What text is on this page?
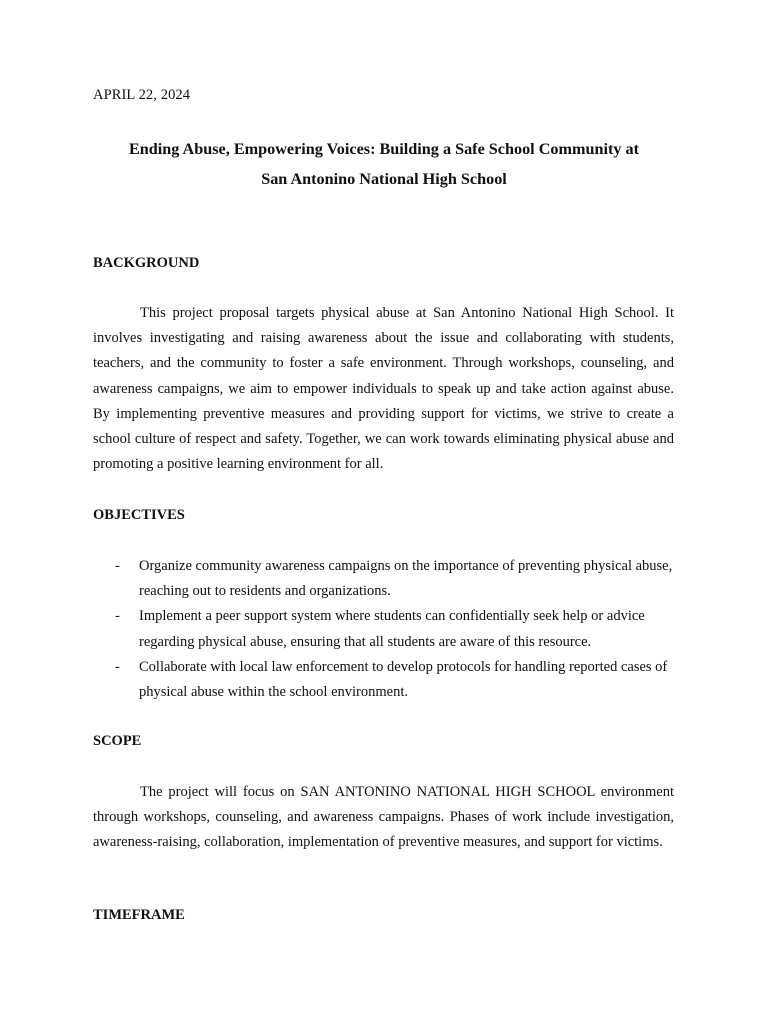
APRIL 22, 2024
Ending Abuse, Empowering Voices: Building a Safe School Community at
San Antonino National High School
BACKGROUND

This project proposal targets physical abuse at San Antonino National High School. It involves investigating and raising awareness about the issue and collaborating with students, teachers, and the community to foster a safe environment. Through workshops, counseling, and awareness campaigns, we aim to empower individuals to speak up and take action against abuse. By implementing preventive measures and providing support for victims, we strive to create a school culture of respect and safety. Together, we can work towards eliminating physical abuse and promoting a positive learning environment for all.

OBJECTIVES
- Organize community awareness campaigns on the importance of preventing physical abuse, reaching out to residents and organizations.
- Implement a peer support system where students can confidentially seek help or advice regarding physical abuse, ensuring that all students are aware of this resource.
- Collaborate with local law enforcement to develop protocols for handling reported cases of physical abuse within the school environment.
SCOPE

The project will focus on SAN ANTONINO NATIONAL HIGH SCHOOL environment through workshops, counseling, and awareness campaigns. Phases of work include investigation, awareness-raising, collaboration, implementation of preventive measures, and support for victims.

TIMEFRAME
